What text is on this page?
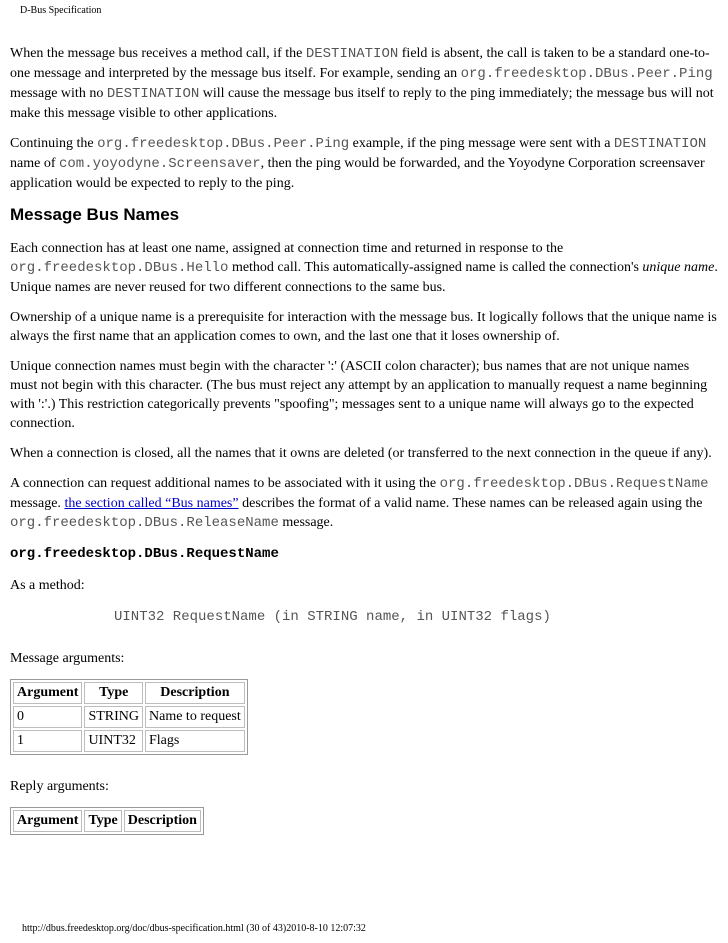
D-Bus Specification

When the message bus receives a method call, if the DESTINATION field is absent, the call is taken to be a standard one-to-one message and interpreted by the message bus itself. For example, sending an org.freedesktop.DBus.Peer.Ping message with no DESTINATION will cause the message bus itself to reply to the ping immediately; the message bus will not make this message visible to other applications.

Continuing the org.freedesktop.DBus.Peer.Ping example, if the ping message were sent with a DESTINATION name of com.yoyodyne.Screensaver, then the ping would be forwarded, and the Yoyodyne Corporation screensaver application would be expected to reply to the ping.

Message Bus Names

Each connection has at least one name, assigned at connection time and returned in response to the org.freedesktop.DBus.Hello method call. This automatically-assigned name is called the connection's unique name. Unique names are never reused for two different connections to the same bus.

Ownership of a unique name is a prerequisite for interaction with the message bus. It logically follows that the unique name is always the first name that an application comes to own, and the last one that it loses ownership of.

Unique connection names must begin with the character ':' (ASCII colon character); bus names that are not unique names must not begin with this character. (The bus must reject any attempt by an application to manually request a name beginning with ':'.) This restriction categorically prevents "spoofing"; messages sent to a unique name will always go to the expected connection.

When a connection is closed, all the names that it owns are deleted (or transferred to the next connection in the queue if any).

A connection can request additional names to be associated with it using the org.freedesktop.DBus.RequestName message. the section called “Bus names” describes the format of a valid name. These names can be released again using the org.freedesktop.DBus.ReleaseName message.

org.freedesktop.DBus.RequestName

As a method:

UINT32 RequestName (in STRING name, in UINT32 flags)

Message arguments:

Argument	Type	Description
0	STRING	Name to request
1	UINT32	Flags

Reply arguments:

Argument	Type	Description
http://dbus.freedesktop.org/doc/dbus-specification.html (30 of 43)2010-8-10 12:07:32
